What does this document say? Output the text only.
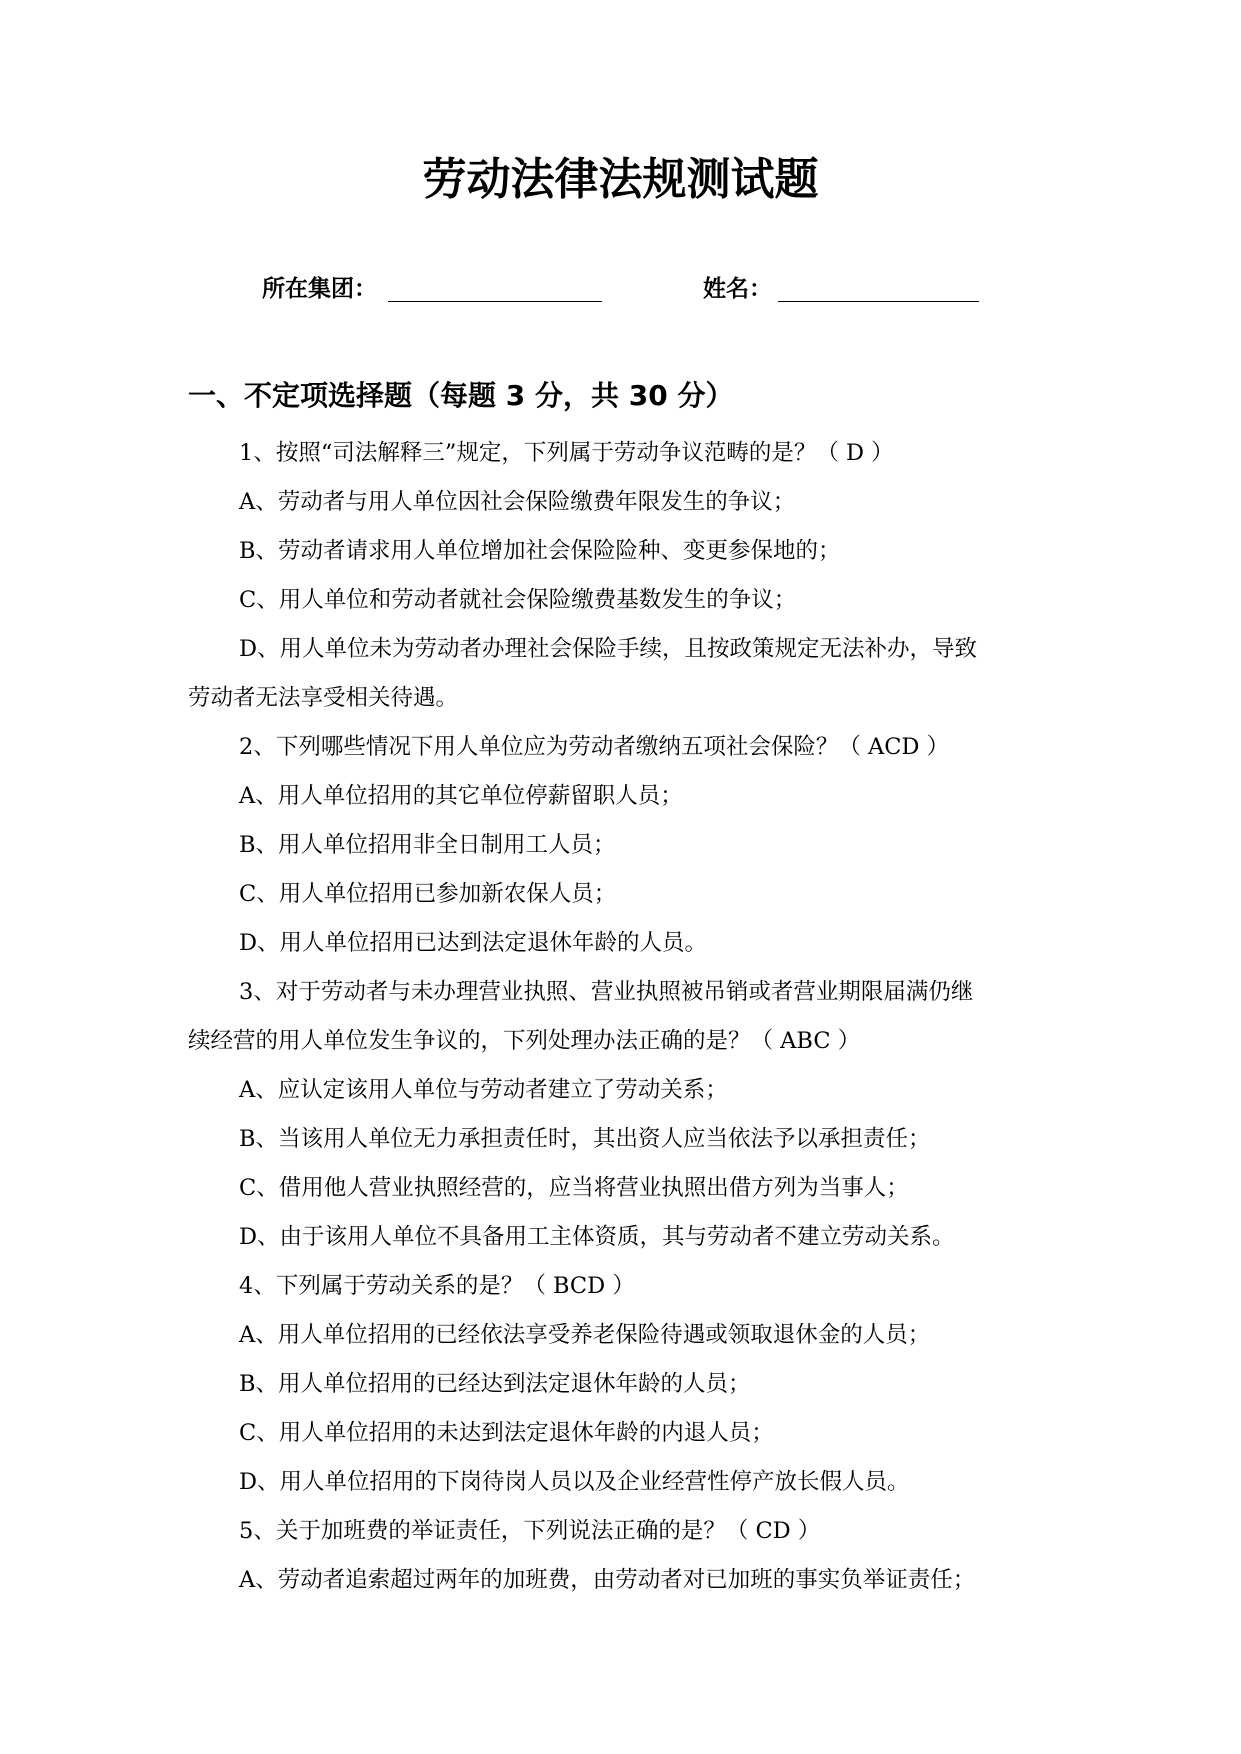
劳动法律法规测试题
所在集团：	姓名：
一、不定项选择题（每题 3 分，共 30 分）
1、按照“司法解释三”规定，下列属于劳动争议范畴的是？（ D ）
A、劳动者与用人单位因社会保险缴费年限发生的争议；
B、劳动者请求用人单位增加社会保险险种、变更参保地的；
C、用人单位和劳动者就社会保险缴费基数发生的争议；
D、用人单位未为劳动者办理社会保险手续，且按政策规定无法补办，导致
劳动者无法享受相关待遇。
2、下列哪些情况下用人单位应为劳动者缴纳五项社会保险？（ ACD ）
A、用人单位招用的其它单位停薪留职人员；
B、用人单位招用非全日制用工人员；
C、用人单位招用已参加新农保人员；
D、用人单位招用已达到法定退休年龄的人员。
3、对于劳动者与未办理营业执照、营业执照被吊销或者营业期限届满仍继
续经营的用人单位发生争议的，下列处理办法正确的是？（ ABC ）
A、应认定该用人单位与劳动者建立了劳动关系；
B、当该用人单位无力承担责任时，其出资人应当依法予以承担责任；
C、借用他人营业执照经营的，应当将营业执照出借方列为当事人；
D、由于该用人单位不具备用工主体资质，其与劳动者不建立劳动关系。
4、下列属于劳动关系的是？（ BCD ）
A、用人单位招用的已经依法享受养老保险待遇或领取退休金的人员；
B、用人单位招用的已经达到法定退休年龄的人员；
C、用人单位招用的未达到法定退休年龄的内退人员；
D、用人单位招用的下岗待岗人员以及企业经营性停产放长假人员。
5、关于加班费的举证责任，下列说法正确的是？（ CD ）
A、劳动者追索超过两年的加班费，由劳动者对已加班的事实负举证责任；
